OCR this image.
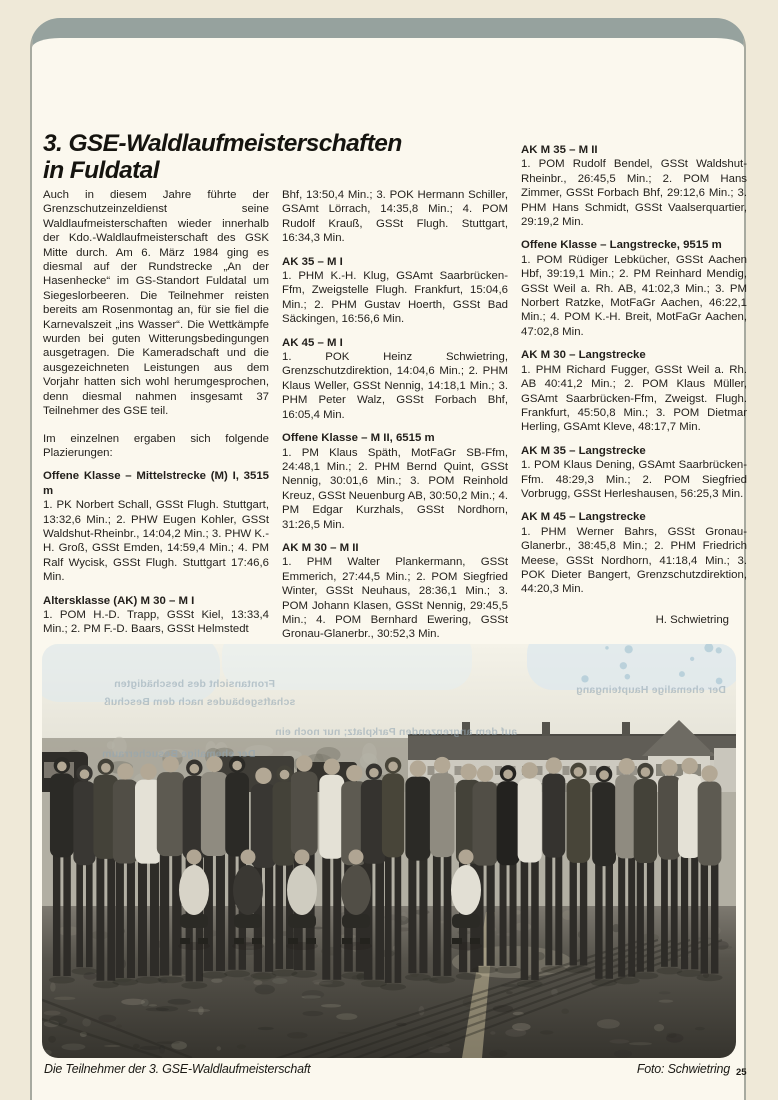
3. GSE-Waldlaufmeisterschaften
in Fuldatal

Auch in diesem Jahre führte der Grenzschutzeinzeldienst seine Waldlaufmeisterschaften wieder innerhalb der Kdo.-Waldlaufmeisterschaft des GSK Mitte durch. Am 6. März 1984 ging es diesmal auf der Rundstrecke „An der Hasenhecke“ im GS-Standort Fuldatal um Siegeslorbeeren. Die Teilnehmer reisten bereits am Rosenmontag an, für sie fiel die Karnevalszeit „ins Wasser“. Die Wettkämpfe wurden bei guten Witterungsbedingungen ausgetragen. Die Kameradschaft und die ausgezeichneten Leistungen aus dem Vorjahr hatten sich wohl herumgesprochen, denn diesmal nahmen insgesamt 37 Teilnehmer des GSE teil.

Im einzelnen ergaben sich folgende Plazierungen:

Offene Klasse – Mittelstrecke (M) I, 3515 m

1. PK Norbert Schall, GSSt Flugh. Stuttgart, 13:32,6 Min.; 2. PHW Eugen Kohler, GSSt Waldshut-Rheinbr., 14:04,2 Min.; 3. PHW K.-H. Groß, GSSt Emden, 14:59,4 Min.; 4. PM Ralf Wycisk, GSSt Flugh. Stuttgart 17:46,6 Min.

Altersklasse (AK) M 30 – M I

1. POM H.-D. Trapp, GSSt Kiel, 13:33,4 Min.; 2. PM F.-D. Baars, GSSt Helmstedt

Bhf, 13:50,4 Min.; 3. POK Hermann Schiller, GSAmt Lörrach, 14:35,8 Min.; 4. POM Rudolf Krauß, GSSt Flugh. Stuttgart, 16:34,3 Min.

AK 35 – M I

1. PHM K.-H. Klug, GSAmt Saarbrücken-Ffm, Zweigstelle Flugh. Frankfurt, 15:04,6 Min.; 2. PHM Gustav Hoerth, GSSt Bad Säckingen, 16:56,6 Min.

AK 45 – M I

1. POK Heinz Schwietring, Grenzschutzdirektion, 14:04,6 Min.; 2. PHM Klaus Weller, GSSt Nennig, 14:18,1 Min.; 3. PHM Peter Walz, GSSt Forbach Bhf, 16:05,4 Min.

Offene Klasse – M II, 6515 m

1. PM Klaus Späth, MotFaGr SB-Ffm, 24:48,1 Min.; 2. PHM Bernd Quint, GSSt Nennig, 30:01,6 Min.; 3. POM Reinhold Kreuz, GSSt Neuenburg AB, 30:50,2 Min.; 4. PM Edgar Kurzhals, GSSt Nordhorn, 31:26,5 Min.

AK M 30 – M II

1. PHM Walter Plankermann, GSSt Emmerich, 27:44,5 Min.; 2. POM Siegfried Winter, GSSt Neuhaus, 28:36,1 Min.; 3. POM Johann Klasen, GSSt Nennig, 29:45,5 Min.; 4. POM Bernhard Ewering, GSSt Gronau-Glanerbr., 30:52,3 Min.

AK M 35 – M II

1. POM Rudolf Bendel, GSSt Waldshut-Rheinbr., 26:45,5 Min.; 2. POM Hans Zimmer, GSSt Forbach Bhf, 29:12,6 Min.; 3. PHM Hans Schmidt, GSSt Vaalserquartier, 29:19,2 Min.

Offene Klasse – Langstrecke, 9515 m

1. POM Rüdiger Lebkücher, GSSt Aachen Hbf, 39:19,1 Min.; 2. PM Reinhard Mendig, GSSt Weil a. Rh. AB, 41:02,3 Min.; 3. PM Norbert Ratzke, MotFaGr Aachen, 46:22,1 Min.; 4. POM K.-H. Breit, MotFaGr Aachen, 47:02,8 Min.

AK M 30 – Langstrecke

1. PHM Richard Fugger, GSSt Weil a. Rh. AB 40:41,2 Min.; 2. POM Klaus Müller, GSAmt Saarbrücken-Ffm, Zweigst. Flugh. Frankfurt, 45:50,8 Min.; 3. POM Dietmar Herling, GSAmt Kleve, 48:17,7 Min.

AK M 35 – Langstrecke

1. POM Klaus Dening, GSAmt Saarbrücken-Ffm. 48:29,3 Min.; 2. POM Siegfried Vorbrugg, GSSt Herleshausen, 56:25,3 Min.

AK M 45 – Langstrecke

1. PHM Werner Bahrs, GSSt Gronau-Glanerbr., 38:45,8 Min.; 2. PHM Friedrich Meese, GSSt Nordhorn, 41:18,4 Min.; 3. POK Dieter Bangert, Grenzschutzdirektion, 44:20,3 Min.

H. Schwietring
Der ehemalige Haupteingang
Frontansicht des beschädigten
schaftsgebäudes nach dem Beschuß
auf dem angrenzenden Parkplatz; nur noch ein
Der ehemalige Besucherraum
Die Teilnehmer der 3. GSE-Waldlaufmeisterschaft	Foto: Schwietring 25
